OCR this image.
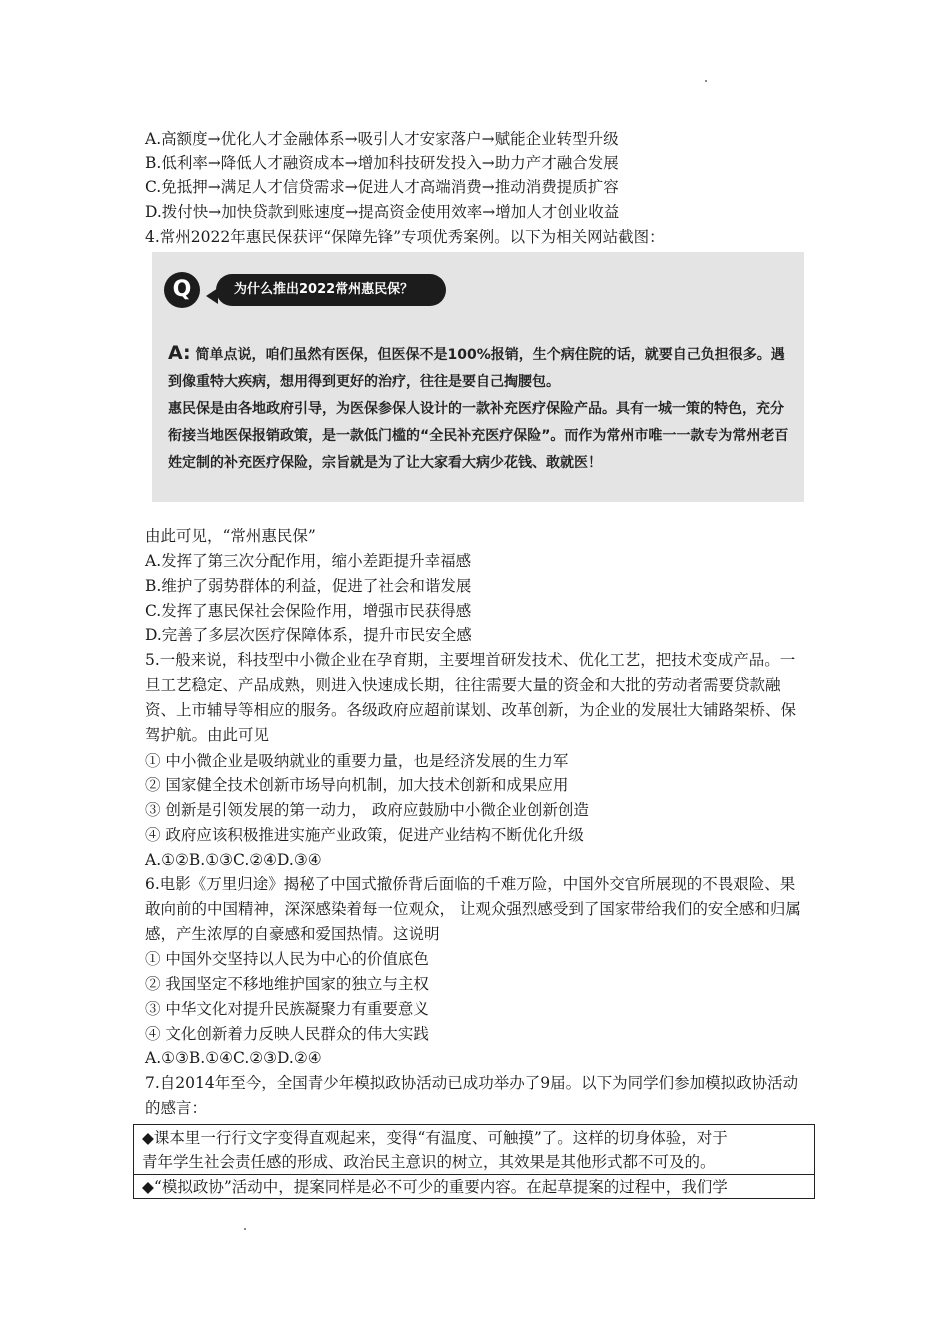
A.高额度→优化人才金融体系→吸引人才安家落户→赋能企业转型升级
B.低利率→降低人才融资成本→增加科技研发投入→助力产才融合发展
C.免抵押→满足人才信贷需求→促进人才高端消费→推动消费提质扩容
D.拨付快→加快贷款到账速度→提高资金使用效率→增加人才创业收益
4.常州2022年惠民保获评“保障先锋”专项优秀案例。以下为相关网站截图：
Q	为什么推出2022常州惠民保？
A: 简单点说，咱们虽然有医保，但医保不是100%报销，生个病住院的话，就要自己负担很多。遇到像重特大疾病，想用得到更好的治疗，往往是要自己掏腰包。
惠民保是由各地政府引导，为医保参保人设计的一款补充医疗保险产品。具有一城一策的特色，充分衔接当地医保报销政策，是一款低门槛的“全民补充医疗保险”。而作为常州市唯一一款专为常州老百姓定制的补充医疗保险，宗旨就是为了让大家看大病少花钱、敢就医！
由此可见，“常州惠民保”
A.发挥了第三次分配作用，缩小差距提升幸福感
B.维护了弱势群体的利益，促进了社会和谐发展
C.发挥了惠民保社会保险作用，增强市民获得感
D.完善了多层次医疗保障体系，提升市民安全感
5.一般来说，科技型中小微企业在孕育期，主要埋首研发技术、优化工艺，把技术变成产品。一旦工艺稳定、产品成熟，则进入快速成长期，往往需要大量的资金和大批的劳动者需要贷款融资、上市辅导等相应的服务。各级政府应超前谋划、改革创新，为企业的发展壮大铺路架桥、保驾护航。由此可见
① 中小微企业是吸纳就业的重要力量，也是经济发展的生力军
② 国家健全技术创新市场导向机制，加大技术创新和成果应用
③ 创新是引领发展的第一动力， 政府应鼓励中小微企业创新创造
④ 政府应该积极推进实施产业政策，促进产业结构不断优化升级
A.①②B.①③C.②④D.③④
6.电影《万里归途》揭秘了中国式撤侨背后面临的千难万险，中国外交官所展现的不畏艰险、果敢向前的中国精神，深深感染着每一位观众， 让观众强烈感受到了国家带给我们的安全感和归属感，产生浓厚的自豪感和爱国热情。这说明
① 中国外交坚持以人民为中心的价值底色
② 我国坚定不移地维护国家的独立与主权
③ 中华文化对提升民族凝聚力有重要意义
④ 文化创新着力反映人民群众的伟大实践
A.①③B.①④C.②③D.②④
7.自2014年至今，全国青少年模拟政协活动已成功举办了9届。以下为同学们参加模拟政协活动的感言：
◆课本里一行行文字变得直观起来，变得“有温度、可触摸”了。这样的切身体验，对于
青年学生社会责任感的形成、政治民主意识的树立，其效果是其他形式都不可及的。
◆“模拟政协”活动中，提案同样是必不可少的重要内容。在起草提案的过程中，我们学
